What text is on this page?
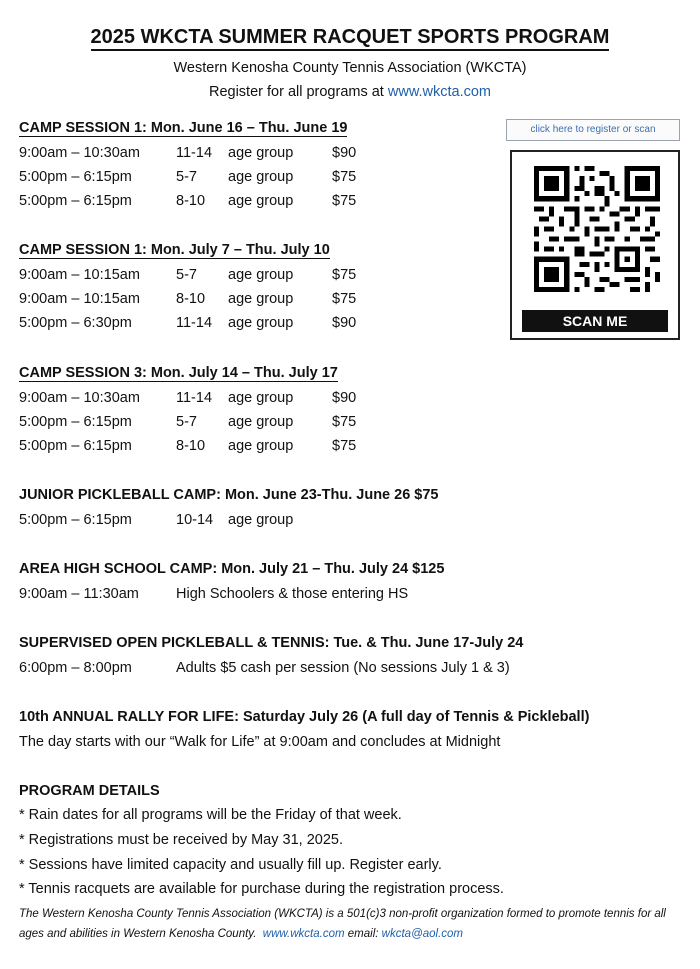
2025 WKCTA SUMMER RACQUET SPORTS PROGRAM
Western Kenosha County Tennis Association (WKCTA)
Register for all programs at www.wkcta.com
click here to register or scan
SCAN ME
CAMP SESSION 1: Mon. June 16 – Thu. June 19
9:00am – 10:30am 11-14 age group	$90
5:00pm – 6:15pm	5-7 age group	$75
5:00pm – 6:15pm	8-10 age group	$75
CAMP SESSION 1: Mon. July 7 – Thu. July 10
9:00am – 10:15am 5-7 age group	$75
9:00am – 10:15am 8-10 age group	$75
5:00pm – 6:30pm	11-14 age group	$90
CAMP SESSION 3: Mon. July 14 – Thu. July 17
9:00am – 10:30am 11-14 age group	$90
5:00pm – 6:15pm	5-7 age group	$75
5:00pm – 6:15pm	8-10 age group	$75
JUNIOR PICKLEBALL CAMP: Mon. June 23-Thu. June 26 $75
5:00pm – 6:15pm	10-14 age group
AREA HIGH SCHOOL CAMP: Mon. July 21 – Thu. July 24 $125
9:00am – 11:30am	High Schoolers & those entering HS
SUPERVISED OPEN PICKLEBALL & TENNIS: Tue. & Thu. June 17-July 24
6:00pm – 8:00pm	Adults $5 cash per session (No sessions July 1 & 3)
10th ANNUAL RALLY FOR LIFE: Saturday July 26 (A full day of Tennis & Pickleball)
The day starts with our “Walk for Life” at 9:00am and concludes at Midnight
PROGRAM DETAILS
* Rain dates for all programs will be the Friday of that week.
* Registrations must be received by May 31, 2025.
* Sessions have limited capacity and usually fill up. Register early.
* Tennis racquets are available for purchase during the registration process.
The Western Kenosha County Tennis Association (WKCTA) is a 501(c)3 non-profit organization formed to promote tennis for all ages and abilities in Western Kenosha County. www.wkcta.com email: wkcta@aol.com
